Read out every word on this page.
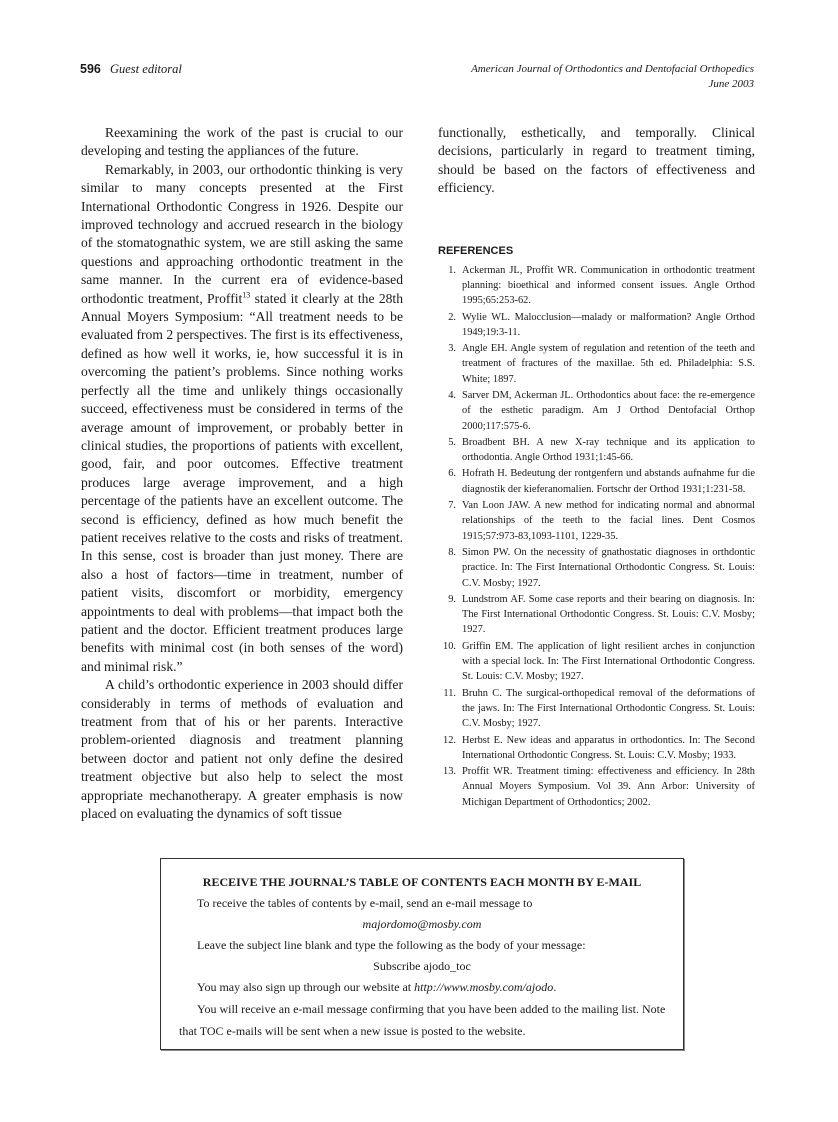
596 Guest editoral	American Journal of Orthodontics and Dentofacial Orthopedics
June 2003

Reexamining the work of the past is crucial to our developing and testing the appliances of the future.

Remarkably, in 2003, our orthodontic thinking is very similar to many concepts presented at the First International Orthodontic Congress in 1926. Despite our improved technology and accrued research in the biology of the stomatognathic system, we are still asking the same questions and approaching orthodontic treatment in the same manner. In the current era of evidence-based orthodontic treatment, Proffit$^{13}$ stated it clearly at the 28th Annual Moyers Symposium: “All treatment needs to be evaluated from 2 perspectives. The first is its effectiveness, defined as how well it works, ie, how successful it is in overcoming the patient’s problems. Since nothing works perfectly all the time and unlikely things occasionally succeed, effectiveness must be considered in terms of the average amount of improvement, or probably better in clinical studies, the proportions of patients with excellent, good, fair, and poor outcomes. Effective treatment produces large average improvement, and a high percentage of the patients have an excellent outcome. The second is efficiency, defined as how much benefit the patient receives relative to the costs and risks of treatment. In this sense, cost is broader than just money. There are also a host of factors—time in treatment, number of patient visits, discomfort or morbidity, emergency appointments to deal with problems—that impact both the patient and the doctor. Efficient treatment produces large benefits with minimal cost (in both senses of the word) and minimal risk.”

A child’s orthodontic experience in 2003 should differ considerably in terms of methods of evaluation and treatment from that of his or her parents. Interactive problem-oriented diagnosis and treatment planning between doctor and patient not only define the desired treatment objective but also help to select the most appropriate mechanotherapy. A greater emphasis is now placed on evaluating the dynamics of soft tissue

functionally, esthetically, and temporally. Clinical decisions, particularly in regard to treatment timing, should be based on the factors of effectiveness and efficiency.

REFERENCES
1. Ackerman JL, Proffit WR. Communication in orthodontic treatment planning: bioethical and informed consent issues. Angle Orthod 1995;65:253-62.
2. Wylie WL. Malocclusion—malady or malformation? Angle Orthod 1949;19:3-11.
3. Angle EH. Angle system of regulation and retention of the teeth and treatment of fractures of the maxillae. 5th ed. Philadelphia: S.S. White; 1897.
4. Sarver DM, Ackerman JL. Orthodontics about face: the re-emergence of the esthetic paradigm. Am J Orthod Dentofacial Orthop 2000;117:575-6.
5. Broadbent BH. A new X-ray technique and its application to orthodontia. Angle Orthod 1931;1:45-66.
6. Hofrath H. Bedeutung der rontgenfern und abstands aufnahme fur die diagnostik der kieferanomalien. Fortschr der Orthod 1931;1:231-58.
7. Van Loon JAW. A new method for indicating normal and abnormal relationships of the teeth to the facial lines. Dent Cosmos 1915;57:973-83,1093-1101, 1229-35.
8. Simon PW. On the necessity of gnathostatic diagnoses in orthdontic practice. In: The First International Orthodontic Congress. St. Louis: C.V. Mosby; 1927.
9. Lundstrom AF. Some case reports and their bearing on diagnosis. In: The First International Orthodontic Congress. St. Louis: C.V. Mosby; 1927.
10. Griffin EM. The application of light resilient arches in conjunction with a special lock. In: The First International Orthodontic Congress. St. Louis: C.V. Mosby; 1927.
11. Bruhn C. The surgical-orthopedical removal of the deformations of the jaws. In: The First International Orthodontic Congress. St. Louis: C.V. Mosby; 1927.
12. Herbst E. New ideas and apparatus in orthodontics. In: The Second International Orthodontic Congress. St. Louis: C.V. Mosby; 1933.
13. Proffit WR. Treatment timing: effectiveness and efficiency. In 28th Annual Moyers Symposium. Vol 39. Ann Arbor: University of Michigan Department of Orthodontics; 2002.
RECEIVE THE JOURNAL’S TABLE OF CONTENTS EACH MONTH BY E-MAIL

To receive the tables of contents by e-mail, send an e-mail message to

majordomo@mosby.com

Leave the subject line blank and type the following as the body of your message:

Subscribe ajodo_toc

You may also sign up through our website at http://www.mosby.com/ajodo.

You will receive an e-mail message confirming that you have been added to the mailing list. Note that TOC e-mails will be sent when a new issue is posted to the website.
